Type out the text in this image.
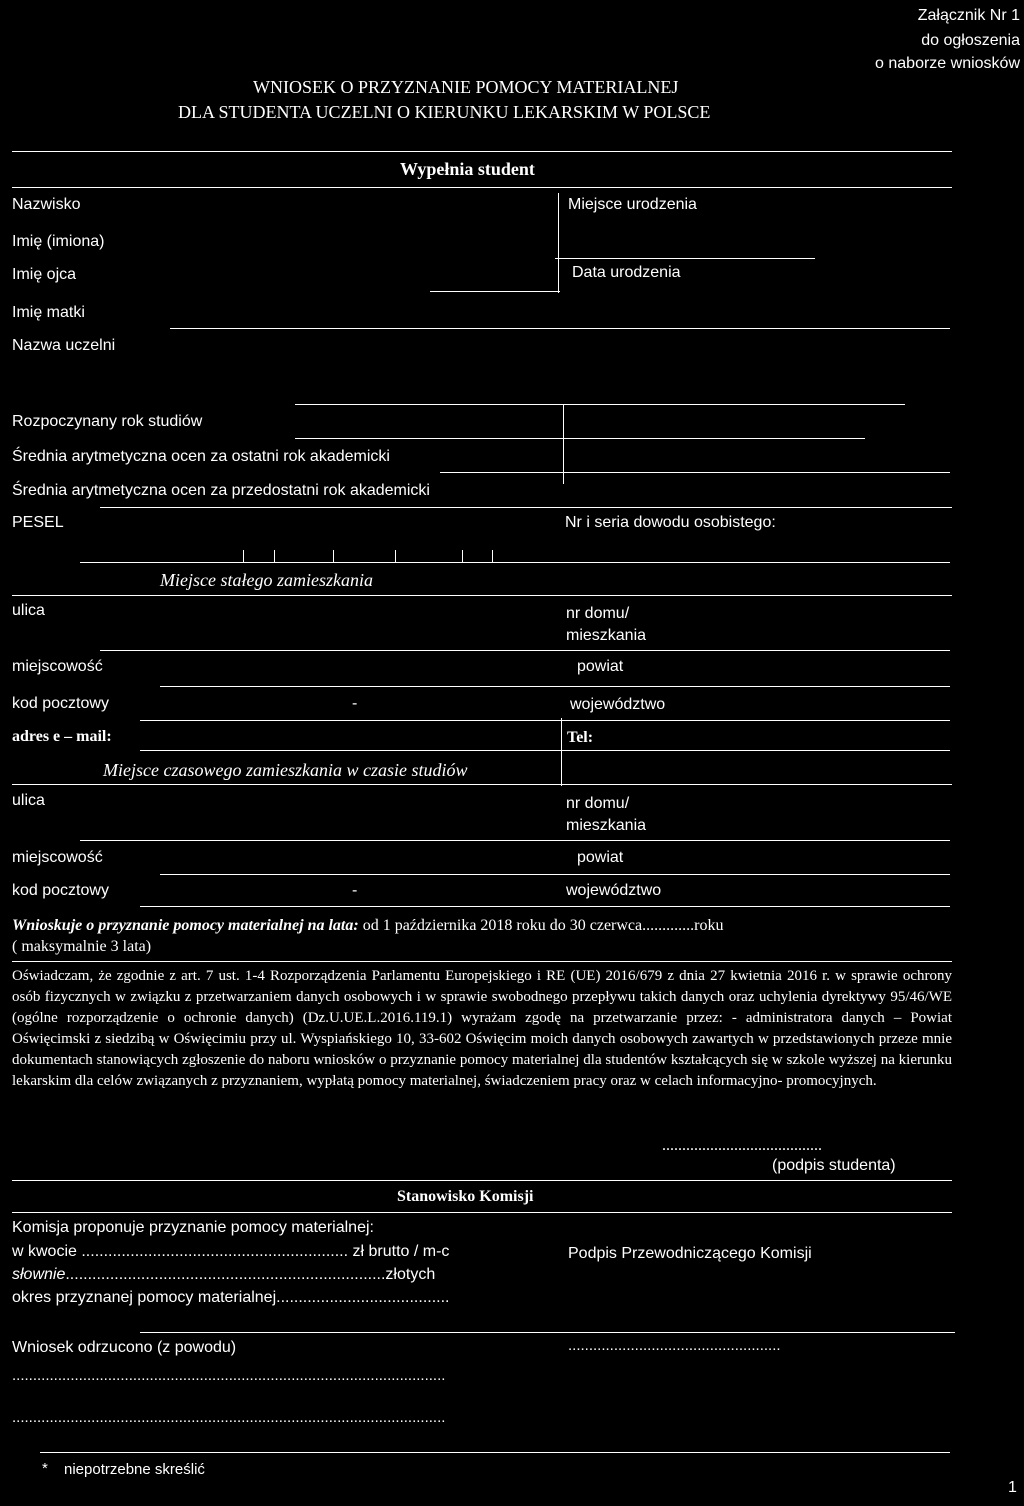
Załącznik Nr 1
do ogłoszenia
o naborze wniosków
WNIOSEK O PRZYZNANIE POMOCY MATERIALNEJ
DLA STUDENTA UCZELNI O KIERUNKU LEKARSKIM W POLSCE
Wypełnia student
Nazwisko	Miejsce urodzenia
Imię (imiona)
Imię ojca	Data urodzenia
Imię matki
Nazwa uczelni
Rozpoczynany rok studiów
Średnia arytmetyczna ocen za ostatni rok akademicki
Średnia arytmetyczna ocen za przedostatni rok akademicki
PESEL	Nr i seria dowodu osobistego:
Miejsce stałego zamieszkania
ulica	nr domu/
mieszkania
miejscowość	powiat
kod pocztowy	-	województwo
adres e – mail:	Tel:
Miejsce czasowego zamieszkania w czasie studiów
ulica	nr domu/
mieszkania
miejscowość	powiat
kod pocztowy	-	województwo
Wnioskuje o przyznanie pomocy materialnej na lata: od 1 października 2018 roku do 30 czerwca.............roku
( maksymalnie 3 lata)
Oświadczam, że zgodnie z art. 7 ust. 1-4 Rozporządzenia Parlamentu Europejskiego i RE (UE) 2016/679 z dnia 27 kwietnia 2016 r. w sprawie ochrony osób fizycznych w związku z przetwarzaniem danych osobowych i w sprawie swobodnego przepływu takich danych oraz uchylenia dyrektywy 95/46/WE (ogólne rozporządzenie o ochronie danych) (Dz.U.UE.L.2016.119.1) wyrażam zgodę na przetwarzanie przez: - administratora danych – Powiat Oświęcimski z siedzibą w Oświęcimiu przy ul. Wyspiańskiego 10, 33-602 Oświęcim moich danych osobowych zawartych w przedstawionych przeze mnie dokumentach stanowiących zgłoszenie do naboru wniosków o przyznanie pomocy materialnej dla studentów kształcących się w szkole wyższej na kierunku lekarskim dla celów związanych z przyznaniem, wypłatą pomocy materialnej, świadczeniem pracy oraz w celach informacyjno- promocyjnych.
........................................
(podpis studenta)
Stanowisko Komisji
Komisja proponuje przyznanie pomocy materialnej:
w kwocie ............................................................ zł brutto / m-c	Podpis Przewodniczącego Komisji
słownie........................................................................złotych
okres przyznanej pomocy materialnej.......................................
Wniosek odrzucono (z powodu)	...................................................
........................................................................................................
........................................................................................................
* niepotrzebne skreślić
1
